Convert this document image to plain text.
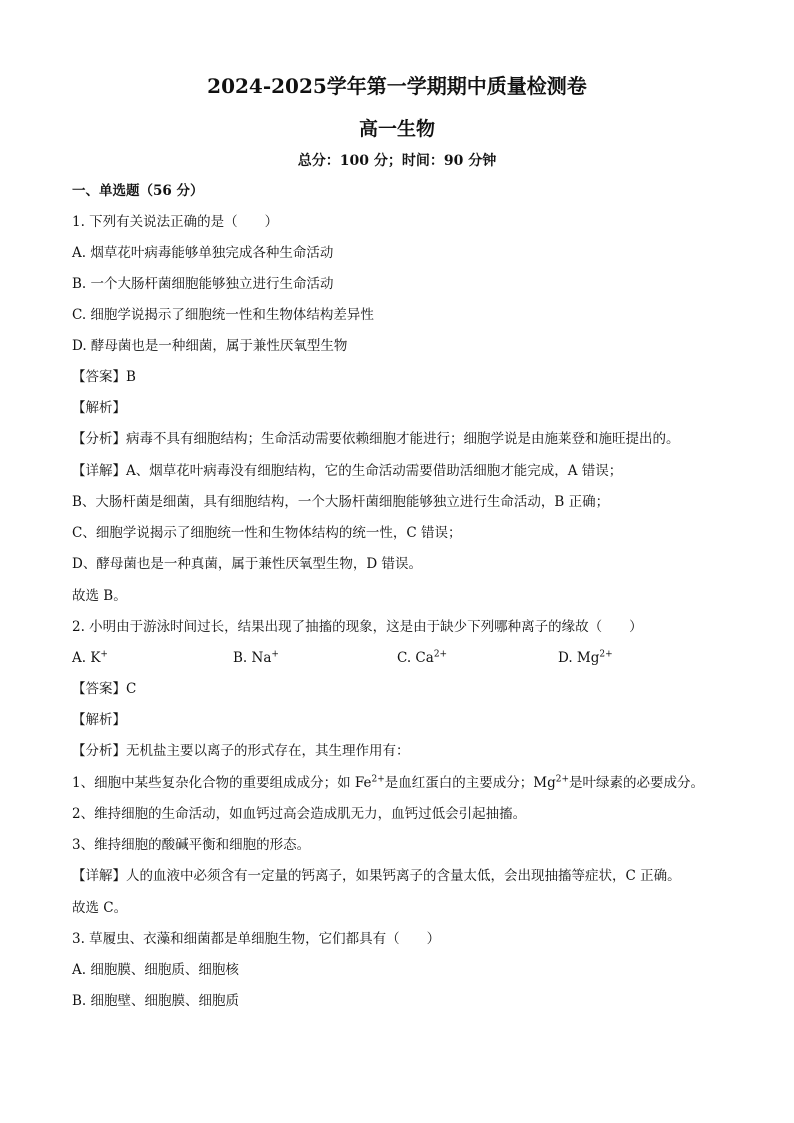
2024-2025学年第一学期期中质量检测卷
高一生物
总分：100 分；时间：90 分钟
一、单选题（56 分）
1. 下列有关说法正确的是（　　）
A. 烟草花叶病毒能够单独完成各种生命活动
B. 一个大肠杆菌细胞能够独立进行生命活动
C. 细胞学说揭示了细胞统一性和生物体结构差异性
D. 酵母菌也是一种细菌，属于兼性厌氧型生物
【答案】B
【解析】
【分析】病毒不具有细胞结构；生命活动需要依赖细胞才能进行；细胞学说是由施莱登和施旺提出的。
【详解】A、烟草花叶病毒没有细胞结构，它的生命活动需要借助活细胞才能完成，A 错误；
B、大肠杆菌是细菌，具有细胞结构，一个大肠杆菌细胞能够独立进行生命活动，B 正确；
C、细胞学说揭示了细胞统一性和生物体结构的统一性，C 错误；
D、酵母菌也是一种真菌，属于兼性厌氧型生物，D 错误。
故选 B。
2. 小明由于游泳时间过长，结果出现了抽搐的现象，这是由于缺少下列哪种离子的缘故（　　）
A. K+	B. Na+	C. $Ca^{2+}$	D. $Mg^{2+}$
【答案】C
【解析】
【分析】无机盐主要以离子的形式存在，其生理作用有：
1、细胞中某些复杂化合物的重要组成成分；如 $Fe^{2+}$是血红蛋白的主要成分；$Mg^{2+}$是叶绿素的必要成分。
2、维持细胞的生命活动，如血钙过高会造成肌无力，血钙过低会引起抽搐。
3、维持细胞的酸碱平衡和细胞的形态。
【详解】人的血液中必须含有一定量的钙离子，如果钙离子的含量太低，会出现抽搐等症状，C 正确。
故选 C。
3. 草履虫、衣藻和细菌都是单细胞生物，它们都具有（　　）
A. 细胞膜、细胞质、细胞核
B. 细胞壁、细胞膜、细胞质
